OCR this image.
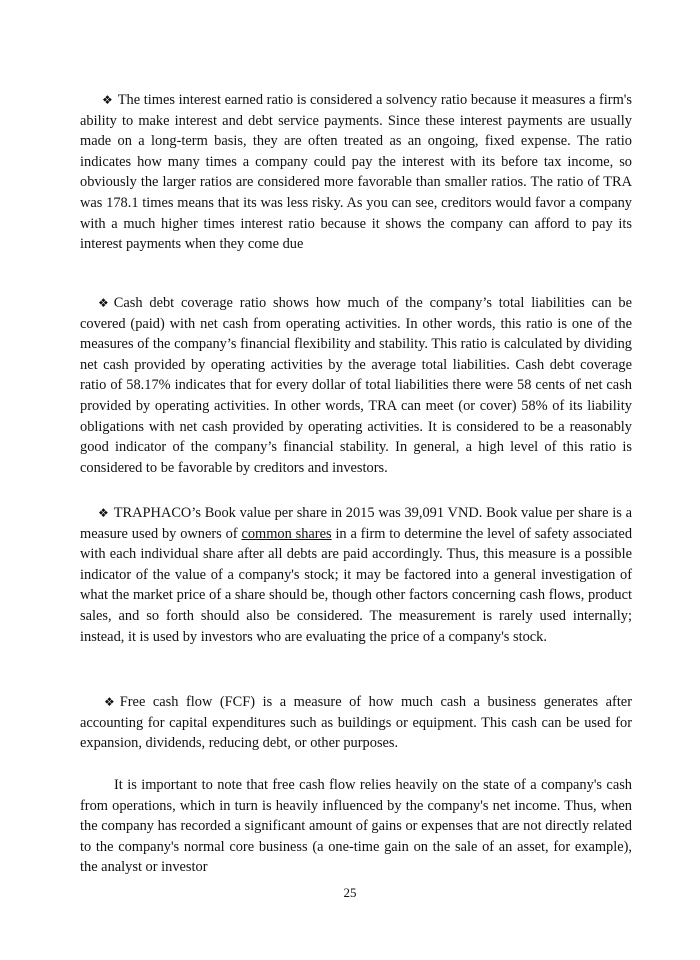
❖ The times interest earned ratio is considered a solvency ratio because it measures a firm's ability to make interest and debt service payments. Since these interest payments are usually made on a long-term basis, they are often treated as an ongoing, fixed expense. The ratio indicates how many times a company could pay the interest with its before tax income, so obviously the larger ratios are considered more favorable than smaller ratios. The ratio of TRA was 178.1 times means that its was less risky. As you can see, creditors would favor a company with a much higher times interest ratio because it shows the company can afford to pay its interest payments when they come due
❖ Cash debt coverage ratio shows how much of the company’s total liabilities can be covered (paid) with net cash from operating activities. In other words, this ratio is one of the measures of the company’s financial flexibility and stability. This ratio is calculated by dividing net cash provided by operating activities by the average total liabilities. Cash debt coverage ratio of 58.17% indicates that for every dollar of total liabilities there were 58 cents of net cash provided by operating activities. In other words, TRA can meet (or cover) 58% of its liability obligations with net cash provided by operating activities. It is considered to be a reasonably good indicator of the company’s financial stability. In general, a high level of this ratio is considered to be favorable by creditors and investors.
❖ TRAPHACO’s Book value per share in 2015 was 39,091 VND. Book value per share is a measure used by owners of common shares in a firm to determine the level of safety associated with each individual share after all debts are paid accordingly. Thus, this measure is a possible indicator of the value of a company's stock; it may be factored into a general investigation of what the market price of a share should be, though other factors concerning cash flows, product sales, and so forth should also be considered. The measurement is rarely used internally; instead, it is used by investors who are evaluating the price of a company's stock.
❖ Free cash flow (FCF) is a measure of how much cash a business generates after accounting for capital expenditures such as buildings or equipment. This cash can be used for expansion, dividends, reducing debt, or other purposes.
It is important to note that free cash flow relies heavily on the state of a company's cash from operations, which in turn is heavily influenced by the company's net income. Thus, when the company has recorded a significant amount of gains or expenses that are not directly related to the company's normal core business (a one-time gain on the sale of an asset, for example), the analyst or investor
25
